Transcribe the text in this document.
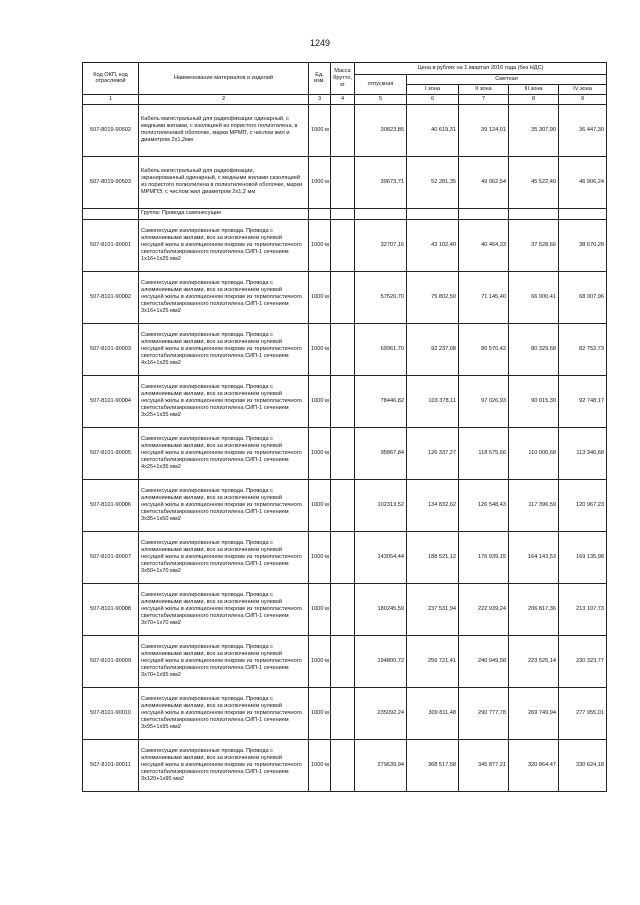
1249
Код ОКП, код отраслевой	Наименование материалов и изделий	Ед. изм.	Масса брутто, кг	Цена в рублях на 1 квартал 2016 года (без НДС)				
				отпускная	Сметная			
					I зона	II зона	III зона	IV зона
1	2	3	4	5	6	7	8	9
507-8019-90502	Кабель магистральный для радиофикации одинарный, с медными жилами, с изоляцией из пористого полиэтилена, в полиэтиленовой оболочке, марки МРМП, с числом жил и диаметром 2х1,2мм	1000 м		30823,85	40 619,31	39 124,01	35 307,90	36 447,30
507-8019-90503	Кабель магистральный для радиофикации, экранированный,одинарный, с медными жилами сизоляцией из пористого полиэтилена в полиэтиленовой оболочке, марки МРМПЭ, с числом жил диаметром 2х1,2 мм	1000 м		39673,71	52 281,35	49 062,54	45 522,40	46 906,24
	Группа: Провода самонесущие							
507-8101-90001	Самонесущие изолированные провода. Провода с алюминиевыми жилами, все за исключением нулевой несущей жилы в изоляционном покрове из термопластичного светостабилизированного полиэтилена СИП-1 сечением 1х16+1х25 мм2	1000 м		32707,16	43 102,40	40 464,33	37 528,66	38 670,28
507-8101-90002	Самонесущие изолированные провода. Провода с алюминиевыми жилами, все за исключением нулевой несущей жилы в изоляционном покрове из термопластичного светостабилизированного полиэтилена СИП-1 сечением 3х16+1х25 мм2	1000 м		57520,70	75 802,50	71 145,40	66 000,41	68 007,96
507-8101-90003	Самонесущие изолированные провода. Провода с алюминиевыми жилами, все за исключением нулевой несущей жилы в изоляционном покрове из термопластичного светостабилизированного полиэтилена СИП-1 сечением 4х16+1х25 мм2	1000 м		69961,70	92 237,08	86 570,42	80 329,68	82 752,73
507-8101-90004	Самонесущие изолированные провода. Провода с алюминиевыми жилами, все за исключением нулевой несущей жилы в изоляционном покрове из термопластичного светостабилизированного полиэтилена СИП-1 сечением 3х25+1х35 мм2	1000 м		78446,82	103 378,11	97 026,93	90 015,30	92 748,17
507-8101-90005	Самонесущие изолированные провода. Провода с алюминиевыми жилами, все за исключением нулевой несущей жилы в изоляционном покрове из термопластичного светостабилизированного полиэтилена СИП-1 сечением 4х25+1х35 мм2	1000 м		95867,84	126 337,27	118 575,66	110 000,68	113 346,68
507-8101-90006	Самонесущие изолированные провода. Провода с алюминиевыми жилами, все за исключением нулевой несущей жилы в изоляционном покрове из термопластичного светостабилизированного полиэтилена СИП-1 сечением 3х35+1х50 мм2	1000 м		102313,52	134 832,62	126 548,43	117 396,59	120 967,23
507-8101-90007	Самонесущие изолированные провода. Провода с алюминиевыми жилами, все за исключением нулевой несущей жилы в изоляционном покрове из термопластичного светостабилизированного полиэтилена СИП-1 сечением 3х50+1х70 мм2	1000 м		143054,44	188 521,12	176 939,15	164 143,53	169 135,98
507-8101-90008	Самонесущие изолированные провода. Провода с алюминиевыми жилами, все за исключением нулевой несущей жилы в изоляционном покрове из термопластичного светостабилизированного полиэтилена СИП-1 сечением 3х70+1х70 мм2	1000 м		180245,59	237 531,94	222 939,24	206 817,36	213 107,73
507-8101-90009	Самонесущие изолированные провода. Провода с алюминиевыми жилами, все за исключением нулевой несущей жилы в изоляционном покрове из термопластичного светостабилизированного полиэтилена СИП-1 сечением 3х70+1х95 мм2	1000 м		194800,72	256 721,41	240 949,58	223 525,14	230 323,77
507-8101-90010	Самонесущие изолированные провода. Провода с алюминиевыми жилами, все за исключением нулевой несущей жилы в изоляционном покрове из термопластичного светостабилизированного полиэтилена СИП-1 сечением 3х95+1х95 мм2	1000 м		235092,24	309 811,48	290 777,78	269 749,94	277 955,01
507-8101-90011	Самонесущие изолированные провода. Провода с алюминиевыми жилами, все за исключением нулевой несущей жилы в изоляционном покрове из термопластичного светостабилизированного полиэтилена СИП-1 сечением 3х120+1х95 мм2	1000 м		279639,94	368 517,58	345 877,21	320 864,47	330 624,18
